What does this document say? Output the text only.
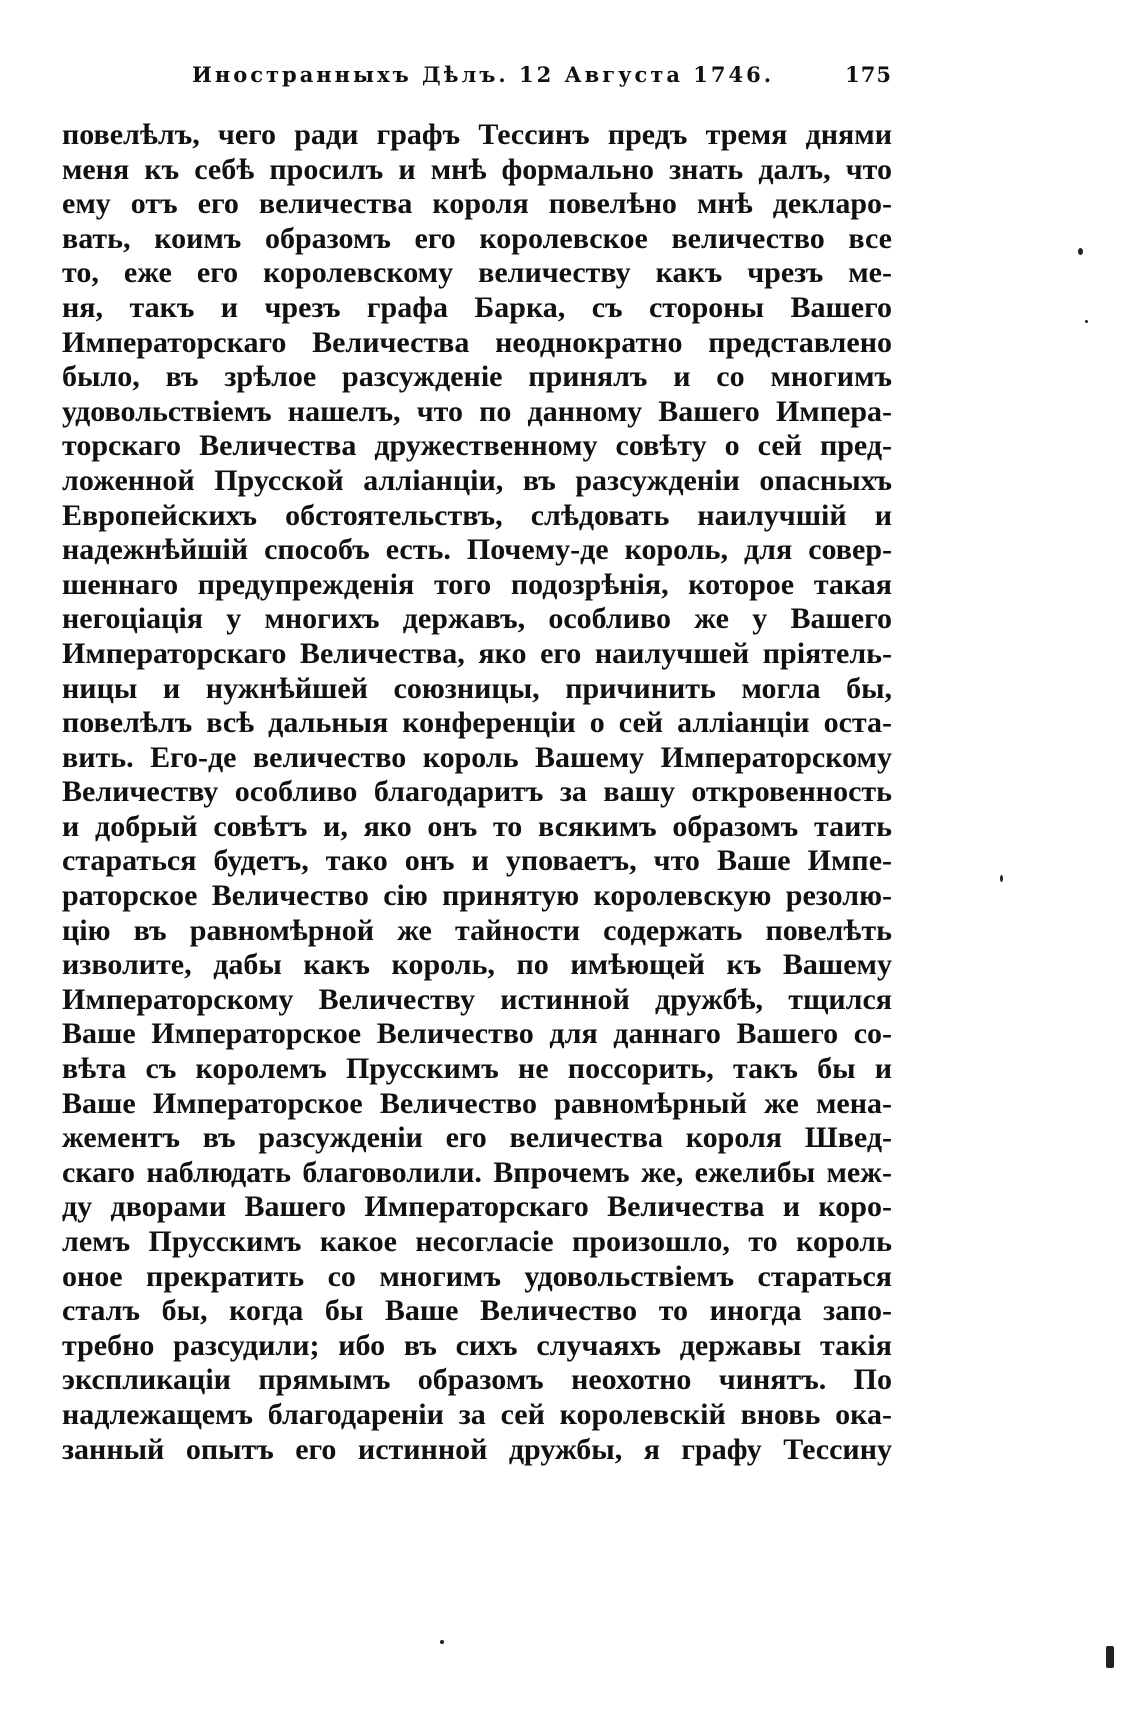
Иностранныхъ Дѣлъ. 12 Августа 1746.	175
повелѣлъ, чего ради графъ Тессинъ предъ тремя днями
меня къ себѣ просилъ и мнѣ формально знать далъ, что
ему отъ его величества короля повелѣно мнѣ деклaро-
вать, коимъ образомъ его королевское величество все
то, еже его королевскому величеству какъ чрезъ ме-
ня, такъ и чрезъ графа Барка, съ стороны Вашего
Императорскаго Величества неоднократно представлено
было, въ зрѣлое разсужденіе принялъ и со многимъ
удовольствіемъ нашелъ, что по данному Вашего Импера-
торскаго Величества дружественному совѣту о сей пред-
ложенной Прусской алліанціи, въ разсужденіи опасныхъ
Европейскихъ обстоятельствъ, слѣдовать наилучшій и
надежнѣйшій способъ есть. Почему-де король, для совер-
шеннаго предупрежденія того подозрѣнія, которое такая
негоціація у многихъ державъ, особливо же у Вашего
Императорскаго Величества, яко его наилучшей пріятель-
ницы и нужнѣйшей союзницы, причинить могла бы,
повелѣлъ всѣ дальныя конференціи о сей алліанціи оста-
вить. Его-де величество король Вашему Императорскому
Величеству особливо благодаритъ за вашу откровенность
и добрый совѣтъ и, яко онъ то всякимъ образомъ таить
стараться будетъ, тако онъ и уповаетъ, что Ваше Импе-
раторское Величество сію принятую королевскую резолю-
цію въ равномѣрной же тайности содержать повелѣть
изволите, дабы какъ король, по имѣющей къ Вашему
Императорскому Величеству истинной дружбѣ, тщился
Ваше Императорское Величество для даннаго Вашего со-
вѣта съ королемъ Прусскимъ не поссорить, такъ бы и
Ваше Императорское Величество равномѣрный же мена-
жементъ въ разсужденіи его величества короля Швед-
скаго наблюдать благоволили. Впрочемъ же, ежелибы меж-
ду дворами Вашего Императорскаго Величества и коро-
лемъ Прусскимъ какое несогласіе произошло, то король
оное прекратить со многимъ удовольствіемъ стараться
сталъ бы, когда бы Ваше Величество то иногда запо-
требно разсудили; ибо въ сихъ случаяхъ державы такія
экспликаціи прямымъ образомъ неохотно чинятъ. По
надлежащемъ благодареніи за сей королевскій вновь ока-
занный опытъ его истинной дружбы, я графу Тессину
